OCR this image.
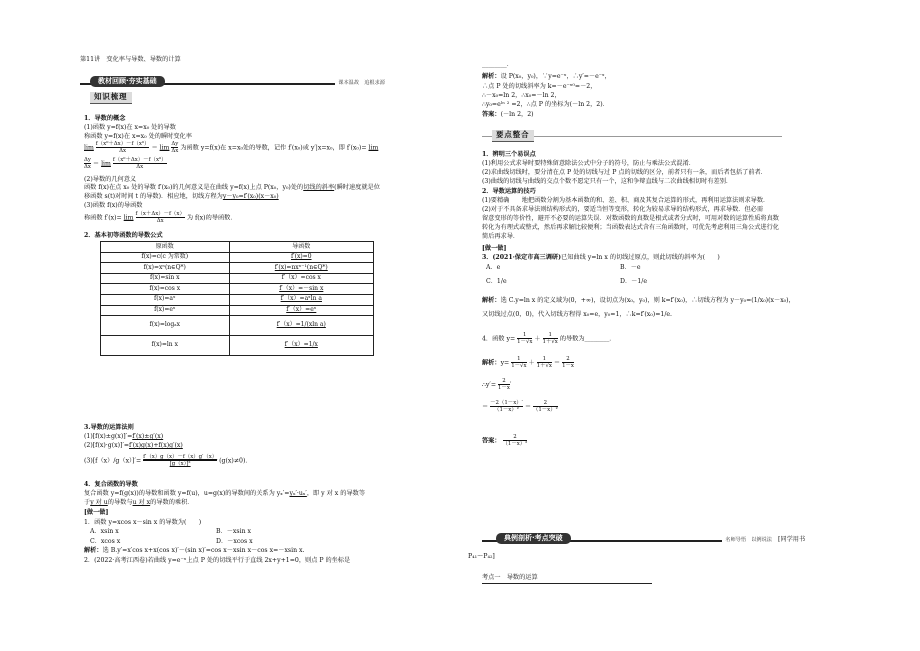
第11讲　变化率与导数、导数的计算
教材回顾·夯实基础	课本温故　追根求源
知识梳理
1．导数的概念
(1)函数 y=f(x)在 x=x₀ 处的导数
称函数 y=f(x)在 x=x₀ 处的瞬时变化率
$\lim \frac{\text{f（x⁰＋Δx）－f（x⁰）}}{\Delta x} = \lim \frac{\Delta y}{\Delta x}$ 为函数 y=f(x)在 x=x₀处的导数，记作 f′(x₀)或 y′|x=x₀，即 f′(x₀)= lim
$\frac{\Delta y}{\Delta x} = \lim \frac{\text{f（x⁰＋Δx）－f（x⁰）}}{\Delta x}$
(2)导数的几何意义
函数 f(x)在点 x₀ 处的导数 f′(x₀)的几何意义是在曲线 y=f(x)上点 P(x₀，y₀)处的切线的斜率(瞬时速度就是位
移函数 s(t)对时间 t 的导数)．相应地，切线方程为y－y₀=f′(x₀)(x－x₀)
(3)函数 f(x)的导函数
称函数 $f'(x)= \lim \frac{f(x+\Delta x)-f(x)}{\Delta x}$ 为 f(x)的导函数．
2．基本初等函数的导数公式
原函数	导函数
f(x)=c(c 为常数)	f′(x)=0
f(x)=xⁿ(n∈Q*)	f′(x)=nxⁿ⁻¹(n∈Q*)
f(x)=sin x	f′（x）=cos x
f(x)=cos x	f′（x）=－sin x
f(x)=aˣ	f′（x）=aˣln a
f(x)=eˣ	f′（x）=eˣ
f(x)=logₐx	f′（x）=1/(xln a)
f(x)=ln x	f′（x）=1/x
3.导数的运算法则
(1)[f(x)±g(x)]′=f′(x)±g′(x)
(2)[f(x)·g(x)]′=f′(x)g(x)+f(x)g′(x)
$(3)[f(x)/g(x)]'= \frac{f'(x)g(x)-f(x)g'(x)}{\text{[g（x）]²}} (g(x)\ne 0)$．
4．复合函数的导数
复合函数 y=f(g(x))的导数和函数 y=f(u)，u=g(x)的导数间的关系为 yₓ′=yᵤ′·uₓ′，即 y 对 x 的导数等
于y 对 u的导数与u 对 x的导数的乘积．
[做一做]
1．函数 y=xcos x－sin x 的导数为(　　)
A．xsin x	B．－xsin x
C．xcos x	D．－xcos x
解析：选 B.y′=x′cos x+x(cos x)′－(sin x)′=cos x－xsin x－cos x=－xsin x.
2．(2022·高考江西卷)若曲线 y=e⁻ˣ上点 P 处的切线平行于直线 2x+y+1=0，则点 P 的坐标是
________．
解析：设 P(x₀，y₀)，∵y=e⁻ˣ，∴y′=－e⁻ˣ，
∴点 P 处的切线斜率为 k=－e⁻ˣ⁰=－2，
∴－x₀=ln 2，∴x₀=－ln 2，
∴y₀=eˡⁿ ² =2，∴点 P 的坐标为(－ln 2，2)．
答案：(－ln 2，2)
要点整合
1．辨明三个易误点
(1)利用公式求导时要特殊留意除法公式中分子的符号，防止与乘法公式混淆．
(2)求曲线切线时，要分清在点 P 处的切线与过 P 点的切线的区分，前者只有一条，而后者包括了前者．
(3)曲线的切线与曲线的交点个数不愿定只有一个，这和争辩直线与二次曲线相切时有差别．
2．导数运算的技巧
(1)要精确　　地把函数分割为基本函数的和、差、积、商及其复合运算的形式，再利用运算法则求导数．
(2)对于不具备求导法则结构形式的，要适当恒等变形，转化为较易求导的结构形式，再求导数．但必需
留意变形的等价性，避开不必要的运算失误．对数函数的真数是根式或者分式时，可用对数的运算性质将真数
转化为有理式或整式，然后再求解比较便利；当函数表达式含有三角函数时，可优先考虑利用三角公式进行化
简后再求导．
[做一做]
3．(2021·保定市高三调研)已知曲线 y=ln x 的切线过原点，则此切线的斜率为(　　)
A．e	B．－e
C．1/e	D．－1/e
解析：选 C.y=ln x 的定义域为(0，+∞)，设切点为(x₀，y₀)，则 k=f′(x₀)，∴切线方程为 y－y₀=(1/x₀)(x－x₀)，
又切线过点(0，0)，代入切线方程得 x₀=e，y₀=1，∴k=f′(x₀)=1/e.
4．函数 $y= \frac{1}{1-√x} + \frac{1}{1+√x}$ 的导数为________．
解析：$y= \frac{1}{1-√x} + \frac{1}{1+√x} = \frac{2}{1-x}$
∴y′= $\frac{2}{1-x}$ ′
＝ $\frac{-2(1-x)'}{\text{（1－x）²}} = \frac{2}{\text{（1－x）²}}$
答案： $\frac{2}{\text{（1－x）²}}$
典例剖析·考点突破	名师导悟　以例说法 [同学用书
P₄₁～P₄₂]
考点一　导数的运算
